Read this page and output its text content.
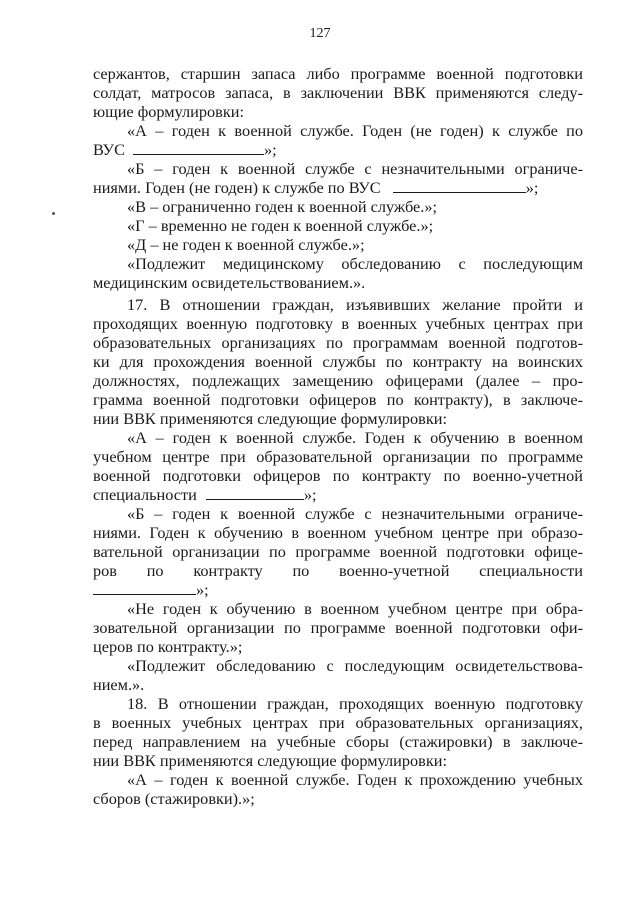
127
сержантов, старшин запаса либо программе военной подготовки
солдат, матросов запаса, в заключении ВВК применяются следу-
ющие формулировки:
«А – годен к военной службе. Годен (не годен) к службе по
ВУС	»;
«Б – годен к военной службе с незначительными ограниче-
ниями. Годен (не годен) к службе по ВУС	»;
«В – ограниченно годен к военной службе.»;
«Г – временно не годен к военной службе.»;
«Д – не годен к военной службе.»;
«Подлежит медицинскому обследованию с последующим
медицинским освидетельствованием.».
17. В отношении граждан, изъявивших желание пройти и
проходящих военную подготовку в военных учебных центрах при
образовательных организациях по программам военной подготов-
ки для прохождения военной службы по контракту на воинских
должностях, подлежащих замещению офицерами (далее – про-
грамма военной подготовки офицеров по контракту), в заключе-
нии ВВК применяются следующие формулировки:
«А – годен к военной службе. Годен к обучению в военном
учебном центре при образовательной организации по программе
военной подготовки офицеров по контракту по военно-учетной
специальности	»;
«Б – годен к военной службе с незначительными ограниче-
ниями. Годен к обучению в военном учебном центре при образо-
вательной организации по программе военной подготовки офице-
ров по контракту по военно-учетной специальности
»;
«Не годен к обучению в военном учебном центре при обра-
зовательной организации по программе военной подготовки офи-
церов по контракту.»;
«Подлежит обследованию с последующим освидетельствова-
нием.».
18. В отношении граждан, проходящих военную подготовку
в военных учебных центрах при образовательных организациях,
перед направлением на учебные сборы (стажировки) в заключе-
нии ВВК применяются следующие формулировки:
«А – годен к военной службе. Годен к прохождению учебных
сборов (стажировки).»;
